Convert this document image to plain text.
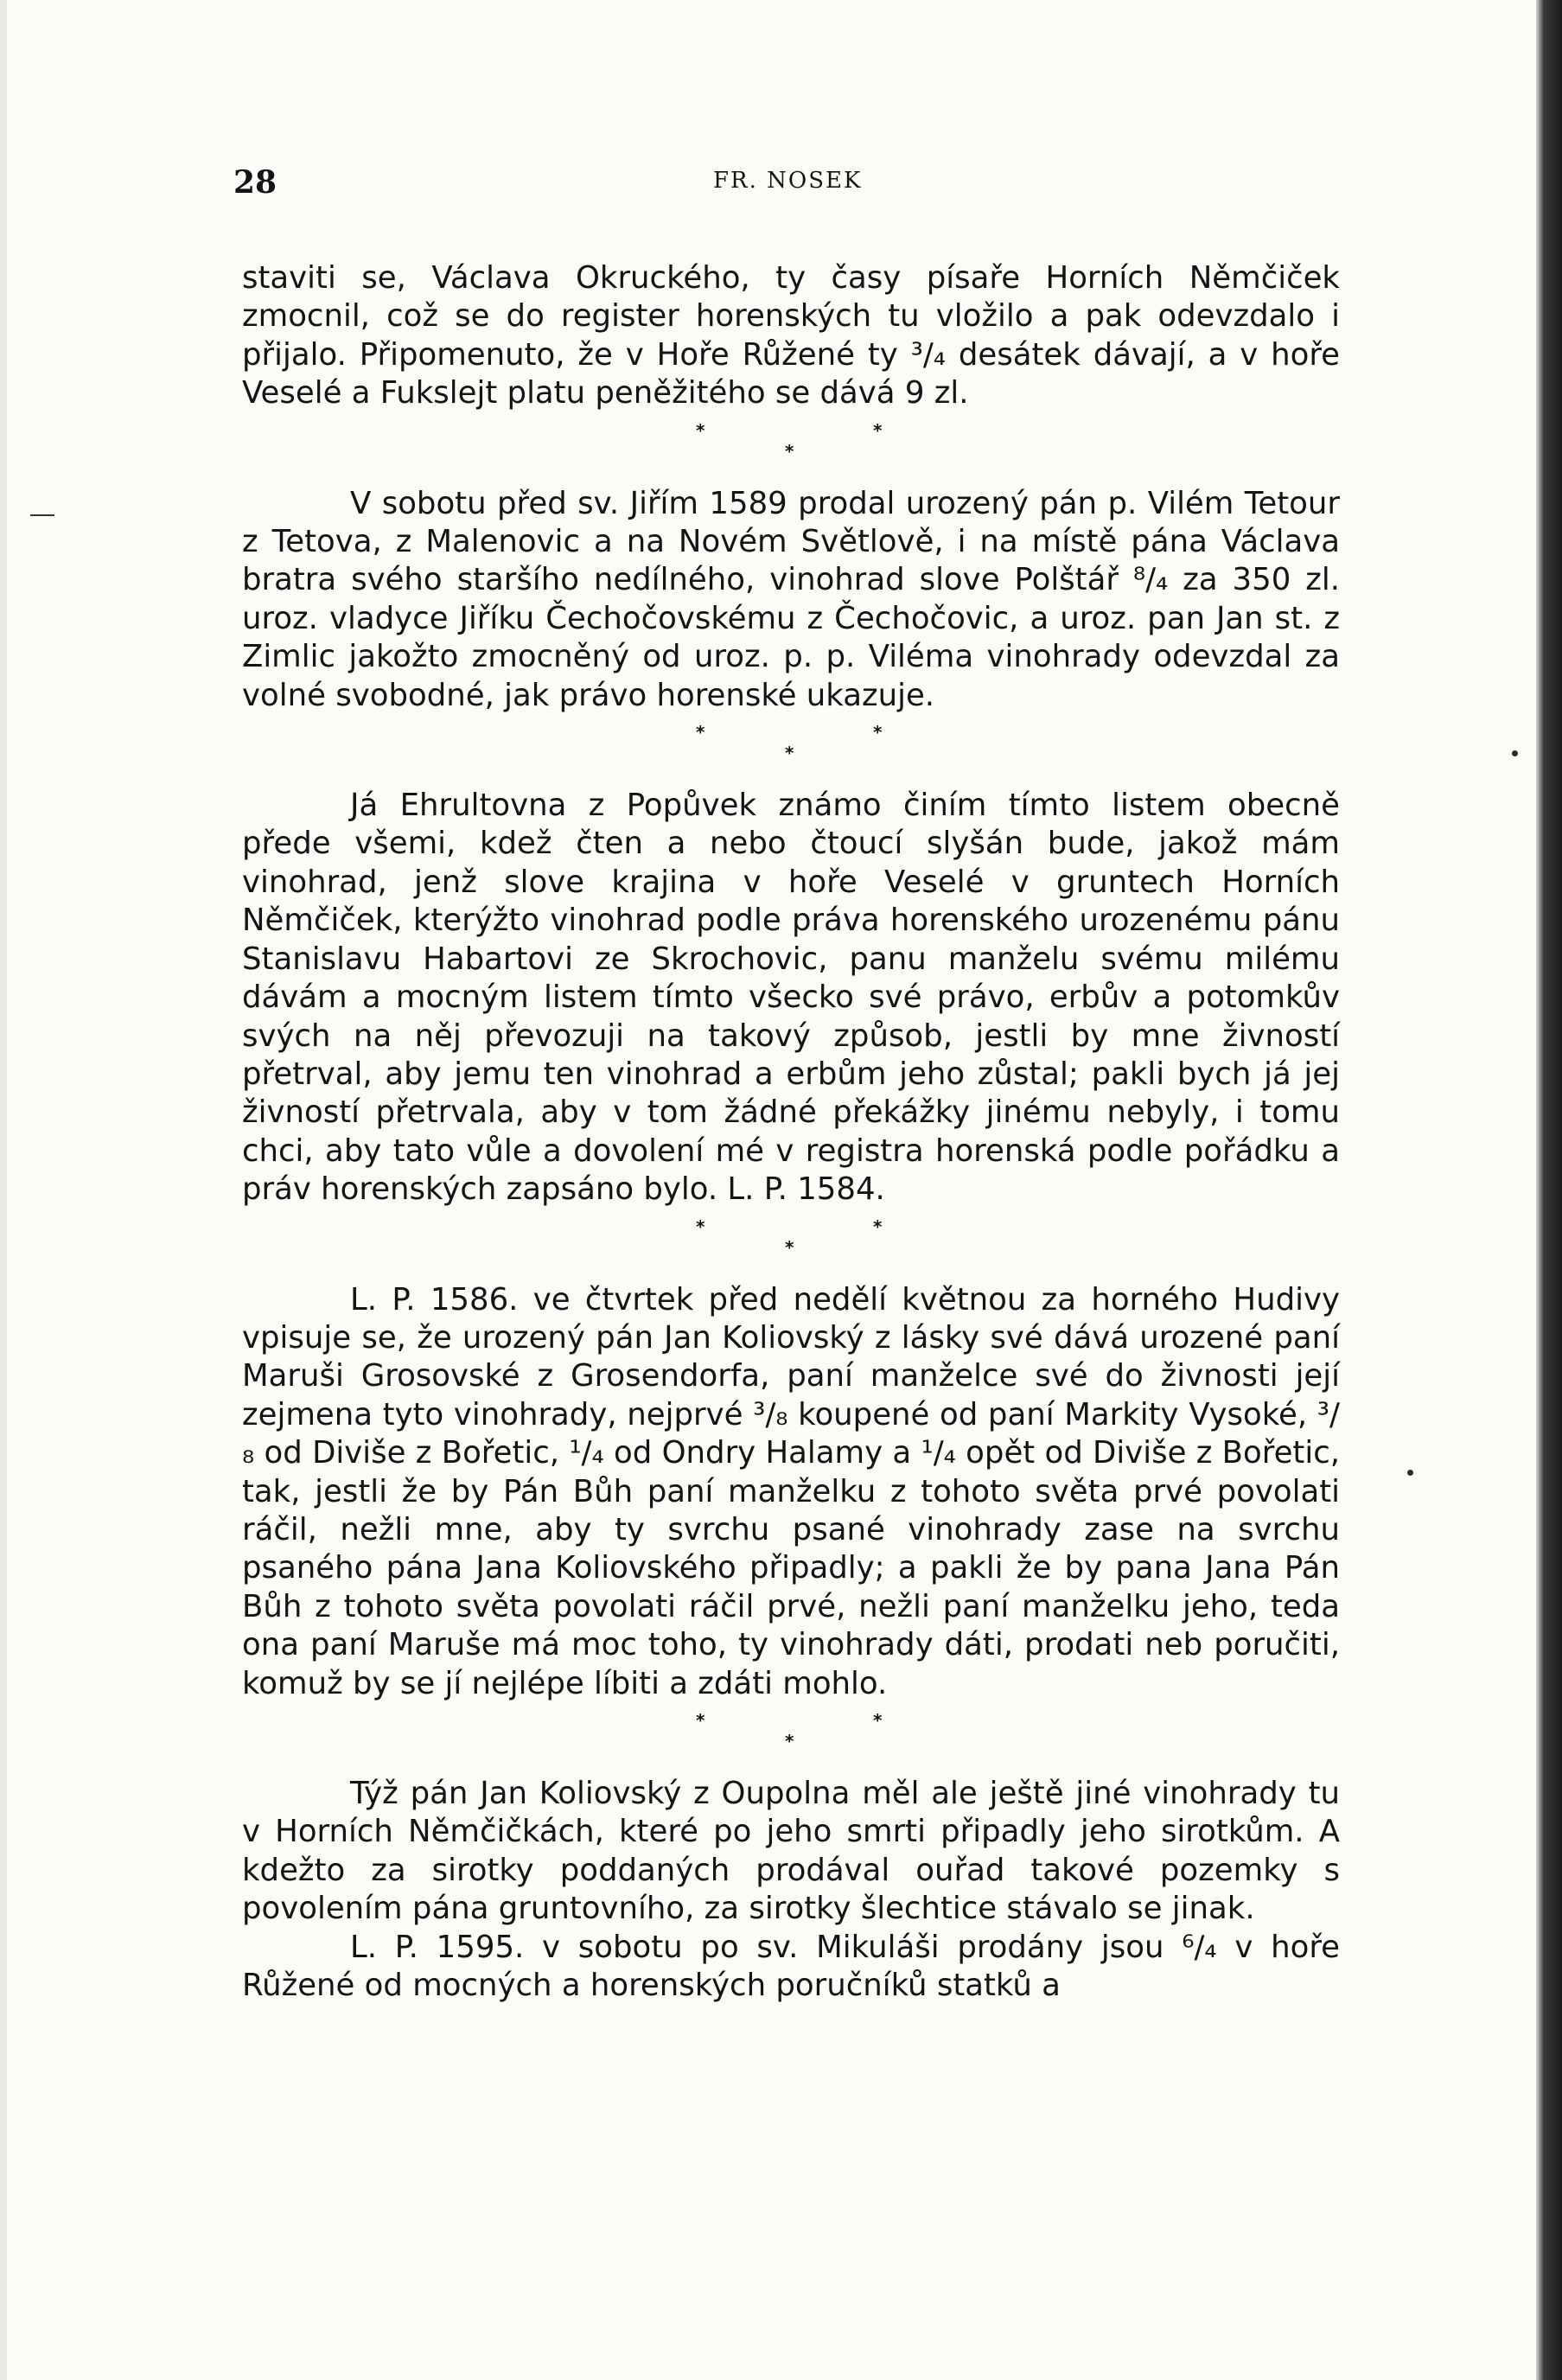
28	FR. NOSEK

staviti se, Václava Okruckého, ty časy písaře Horních Němčiček zmocnil, což se do register horenských tu vložilo a pak odevzdalo i přijalo. Připomenuto, že v Hoře Růžené ty ³/₄ desátek dávají, a v hoře Veselé a Fukslejt platu peněžitého se dává 9 zl.

*	*
*

V sobotu před sv. Jiřím 1589 prodal urozený pán p. Vilém Tetour z Tetova, z Malenovic a na Novém Světlově, i na místě pána Václava bratra svého staršího nedílného, vinohrad slove Polštář ⁸/₄ za 350 zl. uroz. vladyce Jiříku Čechočovskému z Čechočovic, a uroz. pan Jan st. z Zimlic jakožto zmocněný od uroz. p. p. Viléma vinohrady odevzdal za volné svobodné, jak právo horenské ukazuje.

*	*
*

Já Ehrultovna z Popůvek známo činím tímto listem obecně přede všemi, kdež čten a nebo čtoucí slyšán bude, jakož mám vinohrad, jenž slove krajina v hoře Veselé v gruntech Horních Němčiček, kterýžto vinohrad podle práva horenského urozenému pánu Stanislavu Habartovi ze Skrochovic, panu manželu svému milému dávám a mocným listem tímto všecko své právo, erbův a potomkův svých na něj převozuji na takový způsob, jestli by mne živností přetrval, aby jemu ten vinohrad a erbům jeho zůstal; pakli bych já jej živností přetrvala, aby v tom žádné překážky jinému nebyly, i tomu chci, aby tato vůle a dovolení mé v registra horenská podle pořádku a práv horenských zapsáno bylo. L. P. 1584.

*	*
*

L. P. 1586. ve čtvrtek před nedělí květnou za horného Hudivy vpisuje se, že urozený pán Jan Koliovský z lásky své dává urozené paní Maruši Grosovské z Grosendorfa, paní manželce své do živnosti její zejmena tyto vinohrady, nejprvé ³/₈ koupené od paní Markity Vysoké, ³/₈ od Diviše z Bořetic, ¹/₄ od Ondry Halamy a ¹/₄ opět od Diviše z Bořetic, tak, jestli že by Pán Bůh paní manželku z tohoto světa prvé povolati ráčil, nežli mne, aby ty svrchu psané vinohrady zase na svrchu psaného pána Jana Koliovského připadly; a pakli že by pana Jana Pán Bůh z tohoto světa povolati ráčil prvé, nežli paní manželku jeho, teda ona paní Maruše má moc toho, ty vinohrady dáti, prodati neb poručiti, komuž by se jí nejlépe líbiti a zdáti mohlo.

*	*
*

Týž pán Jan Koliovský z Oupolna měl ale ještě jiné vinohrady tu v Horních Němčičkách, které po jeho smrti připadly jeho sirotkům. A kdežto za sirotky poddaných prodával ouřad takové pozemky s povolením pána gruntovního, za sirotky šlechtice stávalo se jinak.

L. P. 1595. v sobotu po sv. Mikuláši prodány jsou ⁶/₄ v hoře Růžené od mocných a horenských poručníků statků a
